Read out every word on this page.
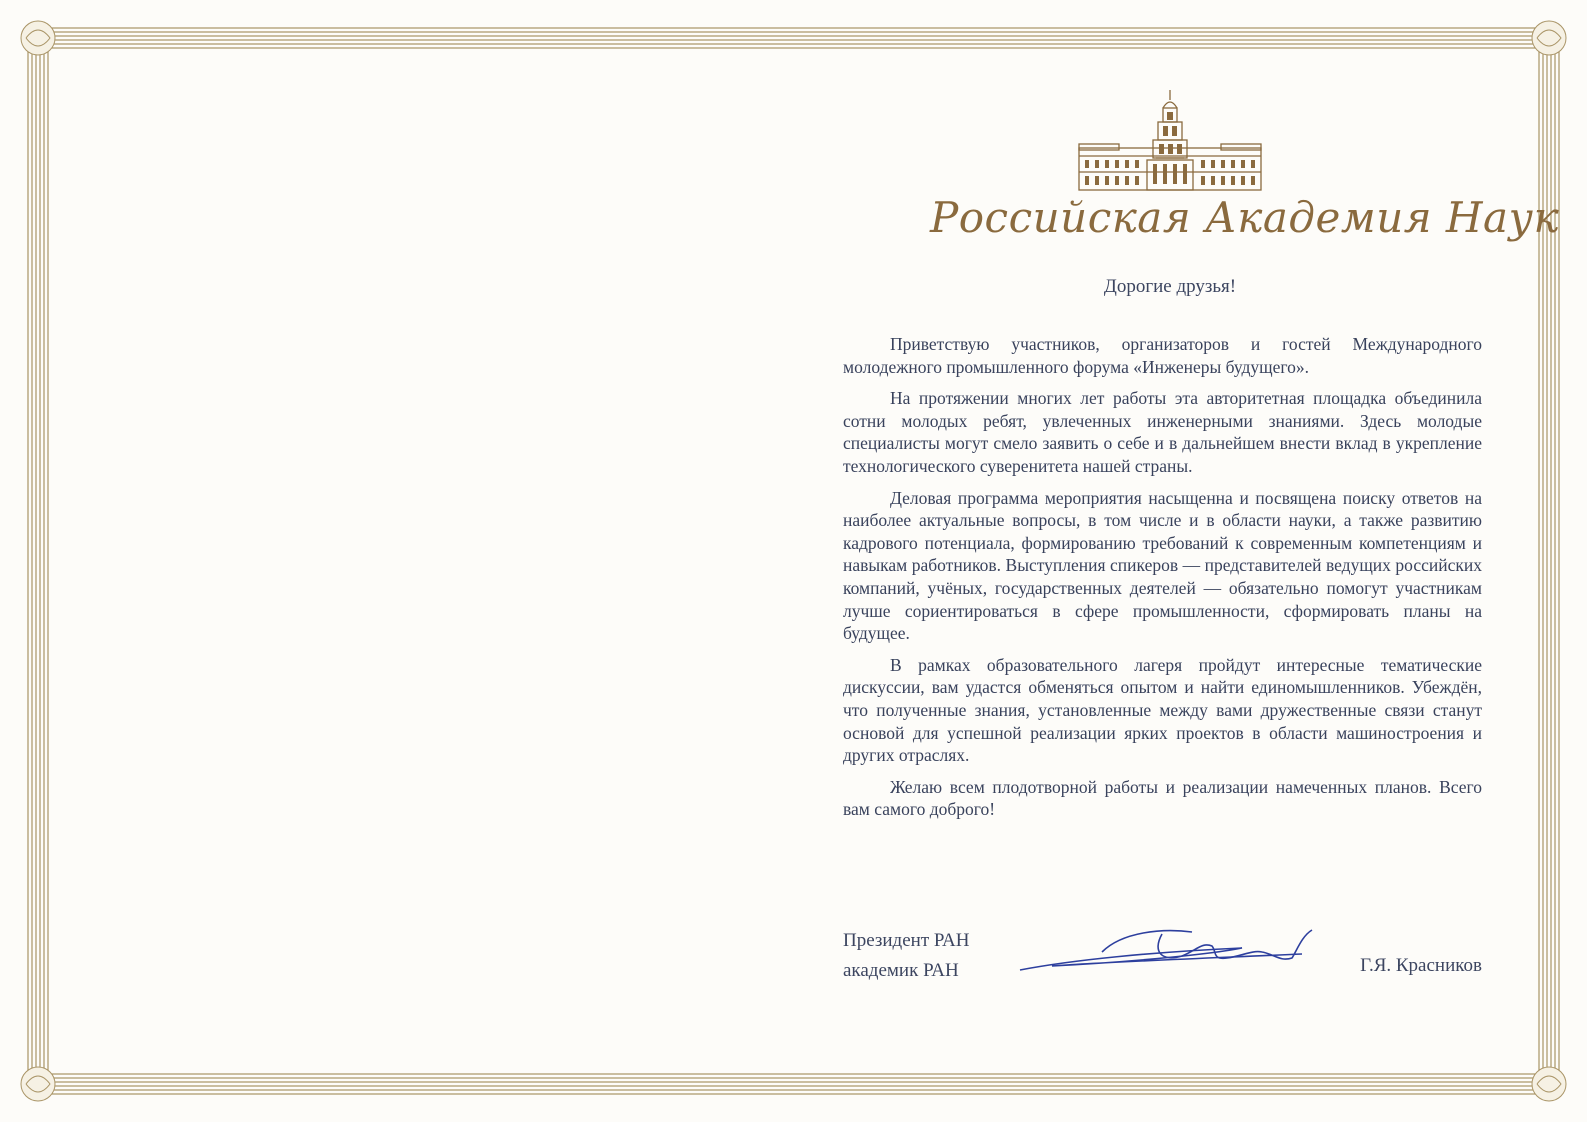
Российская Академия Наук
Дорогие друзья!

Приветствую участников, организаторов и гостей Международного молодежного промышленного форума «Инженеры будущего».

На протяжении многих лет работы эта авторитетная площадка объединила сотни молодых ребят, увлеченных инженерными знаниями. Здесь молодые специалисты могут смело заявить о себе и в дальнейшем внести вклад в укрепление технологического суверенитета нашей страны.

Деловая программа мероприятия насыщенна и посвящена поиску ответов на наиболее актуальные вопросы, в том числе и в области науки, а также развитию кадрового потенциала, формированию требований к современным компетенциям и навыкам работников. Выступления спикеров — представителей ведущих российских компаний, учёных, государственных деятелей — обязательно помогут участникам лучше сориентироваться в сфере промышленности, сформировать планы на будущее.

В рамках образовательного лагеря пройдут интересные тематические дискуссии, вам удастся обменяться опытом и найти единомышленников. Убеждён, что полученные знания, установленные между вами дружественные связи станут основой для успешной реализации ярких проектов в области машиностроения и других отраслях.

Желаю всем плодотворной работы и реализации намеченных планов. Всего вам самого доброго!

Президент РАН
академик РАН	Г.Я. Красников
